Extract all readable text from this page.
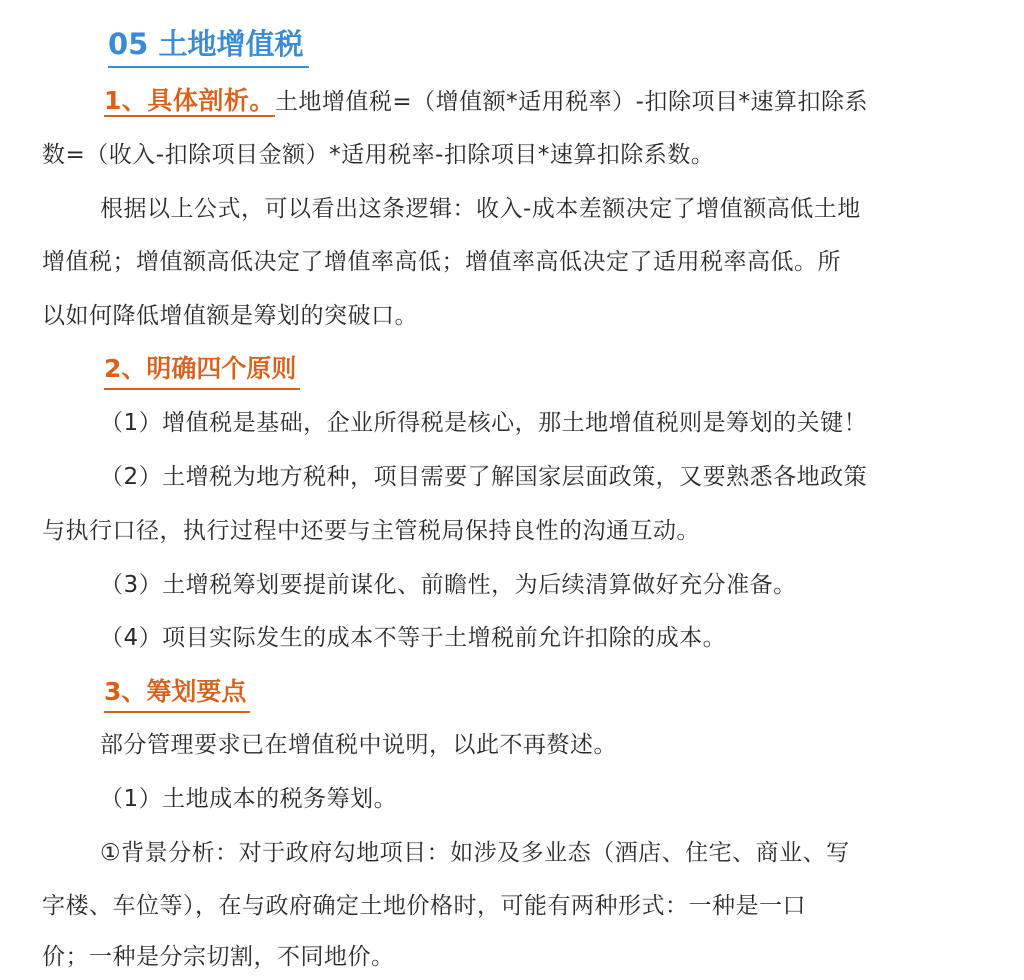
05 土地增值税
1、具体剖析。土地增值税=（增值额*适用税率）-扣除项目*速算扣除系
数=（收入-扣除项目金额）*适用税率-扣除项目*速算扣除系数。
根据以上公式，可以看出这条逻辑：收入-成本差额决定了增值额高低土地
增值税；增值额高低决定了增值率高低；增值率高低决定了适用税率高低。所
以如何降低增值额是筹划的突破口。
2、明确四个原则
（1）增值税是基础，企业所得税是核心，那土地增值税则是筹划的关键！
（2）土增税为地方税种，项目需要了解国家层面政策，又要熟悉各地政策
与执行口径，执行过程中还要与主管税局保持良性的沟通互动。
（3）土增税筹划要提前谋化、前瞻性，为后续清算做好充分准备。
（4）项目实际发生的成本不等于土增税前允许扣除的成本。
3、筹划要点
部分管理要求已在增值税中说明，以此不再赘述。
（1）土地成本的税务筹划。
①背景分析：对于政府勾地项目：如涉及多业态（酒店、住宅、商业、写
字楼、车位等），在与政府确定土地价格时，可能有两种形式：一种是一口
价；一种是分宗切割，不同地价。
